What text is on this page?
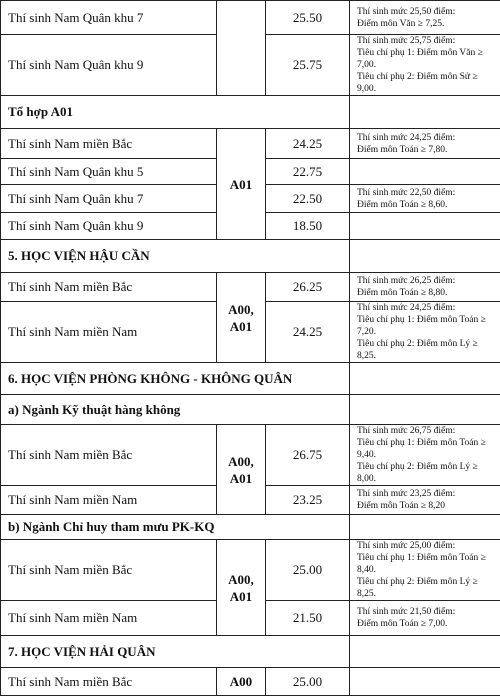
Thí sinh Nam Quân khu 7		25.50	Thí sinh mức 25,50 điểm:
Điểm môn Văn ≥ 7,25.

Thí sinh Nam Quân khu 9		25.75	Thí sinh mức 25,75 điểm:
Tiêu chí phụ 1: Điểm môn Văn ≥
7,00.
Tiêu chí phụ 2: Điểm môn Sử ≥
9,00.

Tổ hợp A01			
Thí sinh Nam miền Bắc	A01	24.25	Thí sinh mức 24,25 điểm:
Điểm môn Toán ≥ 7,80.

Thí sinh Nam Quân khu 5		22.75	
Thí sinh Nam Quân khu 7		22.50	Thí sinh mức 22,50 điểm:
Điểm môn Toán ≥ 8,60.

Thí sinh Nam Quân khu 9		18.50	
5. HỌC VIỆN HẬU CẦN			
Thí sinh Nam miền Bắc	A00,
A01	26.25	Thí sinh mức 26,25 điểm:
Điểm môn Toán ≥ 8,80.

Thí sinh Nam miền Nam		24.25	Thí sinh mức 24,25 điểm:
Tiêu chí phụ 1: Điểm môn Toán ≥
7,20.
Tiêu chí phụ 2: Điểm môn Lý ≥
8,25.

6. HỌC VIỆN PHÒNG KHÔNG - KHÔNG QUÂN			
a) Ngành Kỹ thuật hàng không			
Thí sinh Nam miền Bắc	A00,
A01	26.75	Thí sinh mức 26,75 điểm:
Tiêu chí phụ 1: Điểm môn Toán ≥
9,40.
Tiêu chí phụ 2: Điểm môn Lý ≥
8,00.

Thí sinh Nam miền Nam		23.25	Thí sinh mức 23,25 điểm:
Điểm môn Toán ≥ 8,20

b) Ngành Chỉ huy tham mưu PK-KQ			
Thí sinh Nam miền Bắc	A00,
A01	25.00	Thí sinh mức 25,00 điểm:
Tiêu chí phụ 1: Điểm môn Toán ≥
8,40.
Tiêu chí phụ 2: Điểm môn Lý ≥
8,25.

Thí sinh Nam miền Nam		21.50	Thí sinh mức 21,50 điểm:
Điểm môn Toán ≥ 7,00.

7. HỌC VIỆN HẢI QUÂN			
Thí sinh Nam miền Bắc	A00	25.00	
